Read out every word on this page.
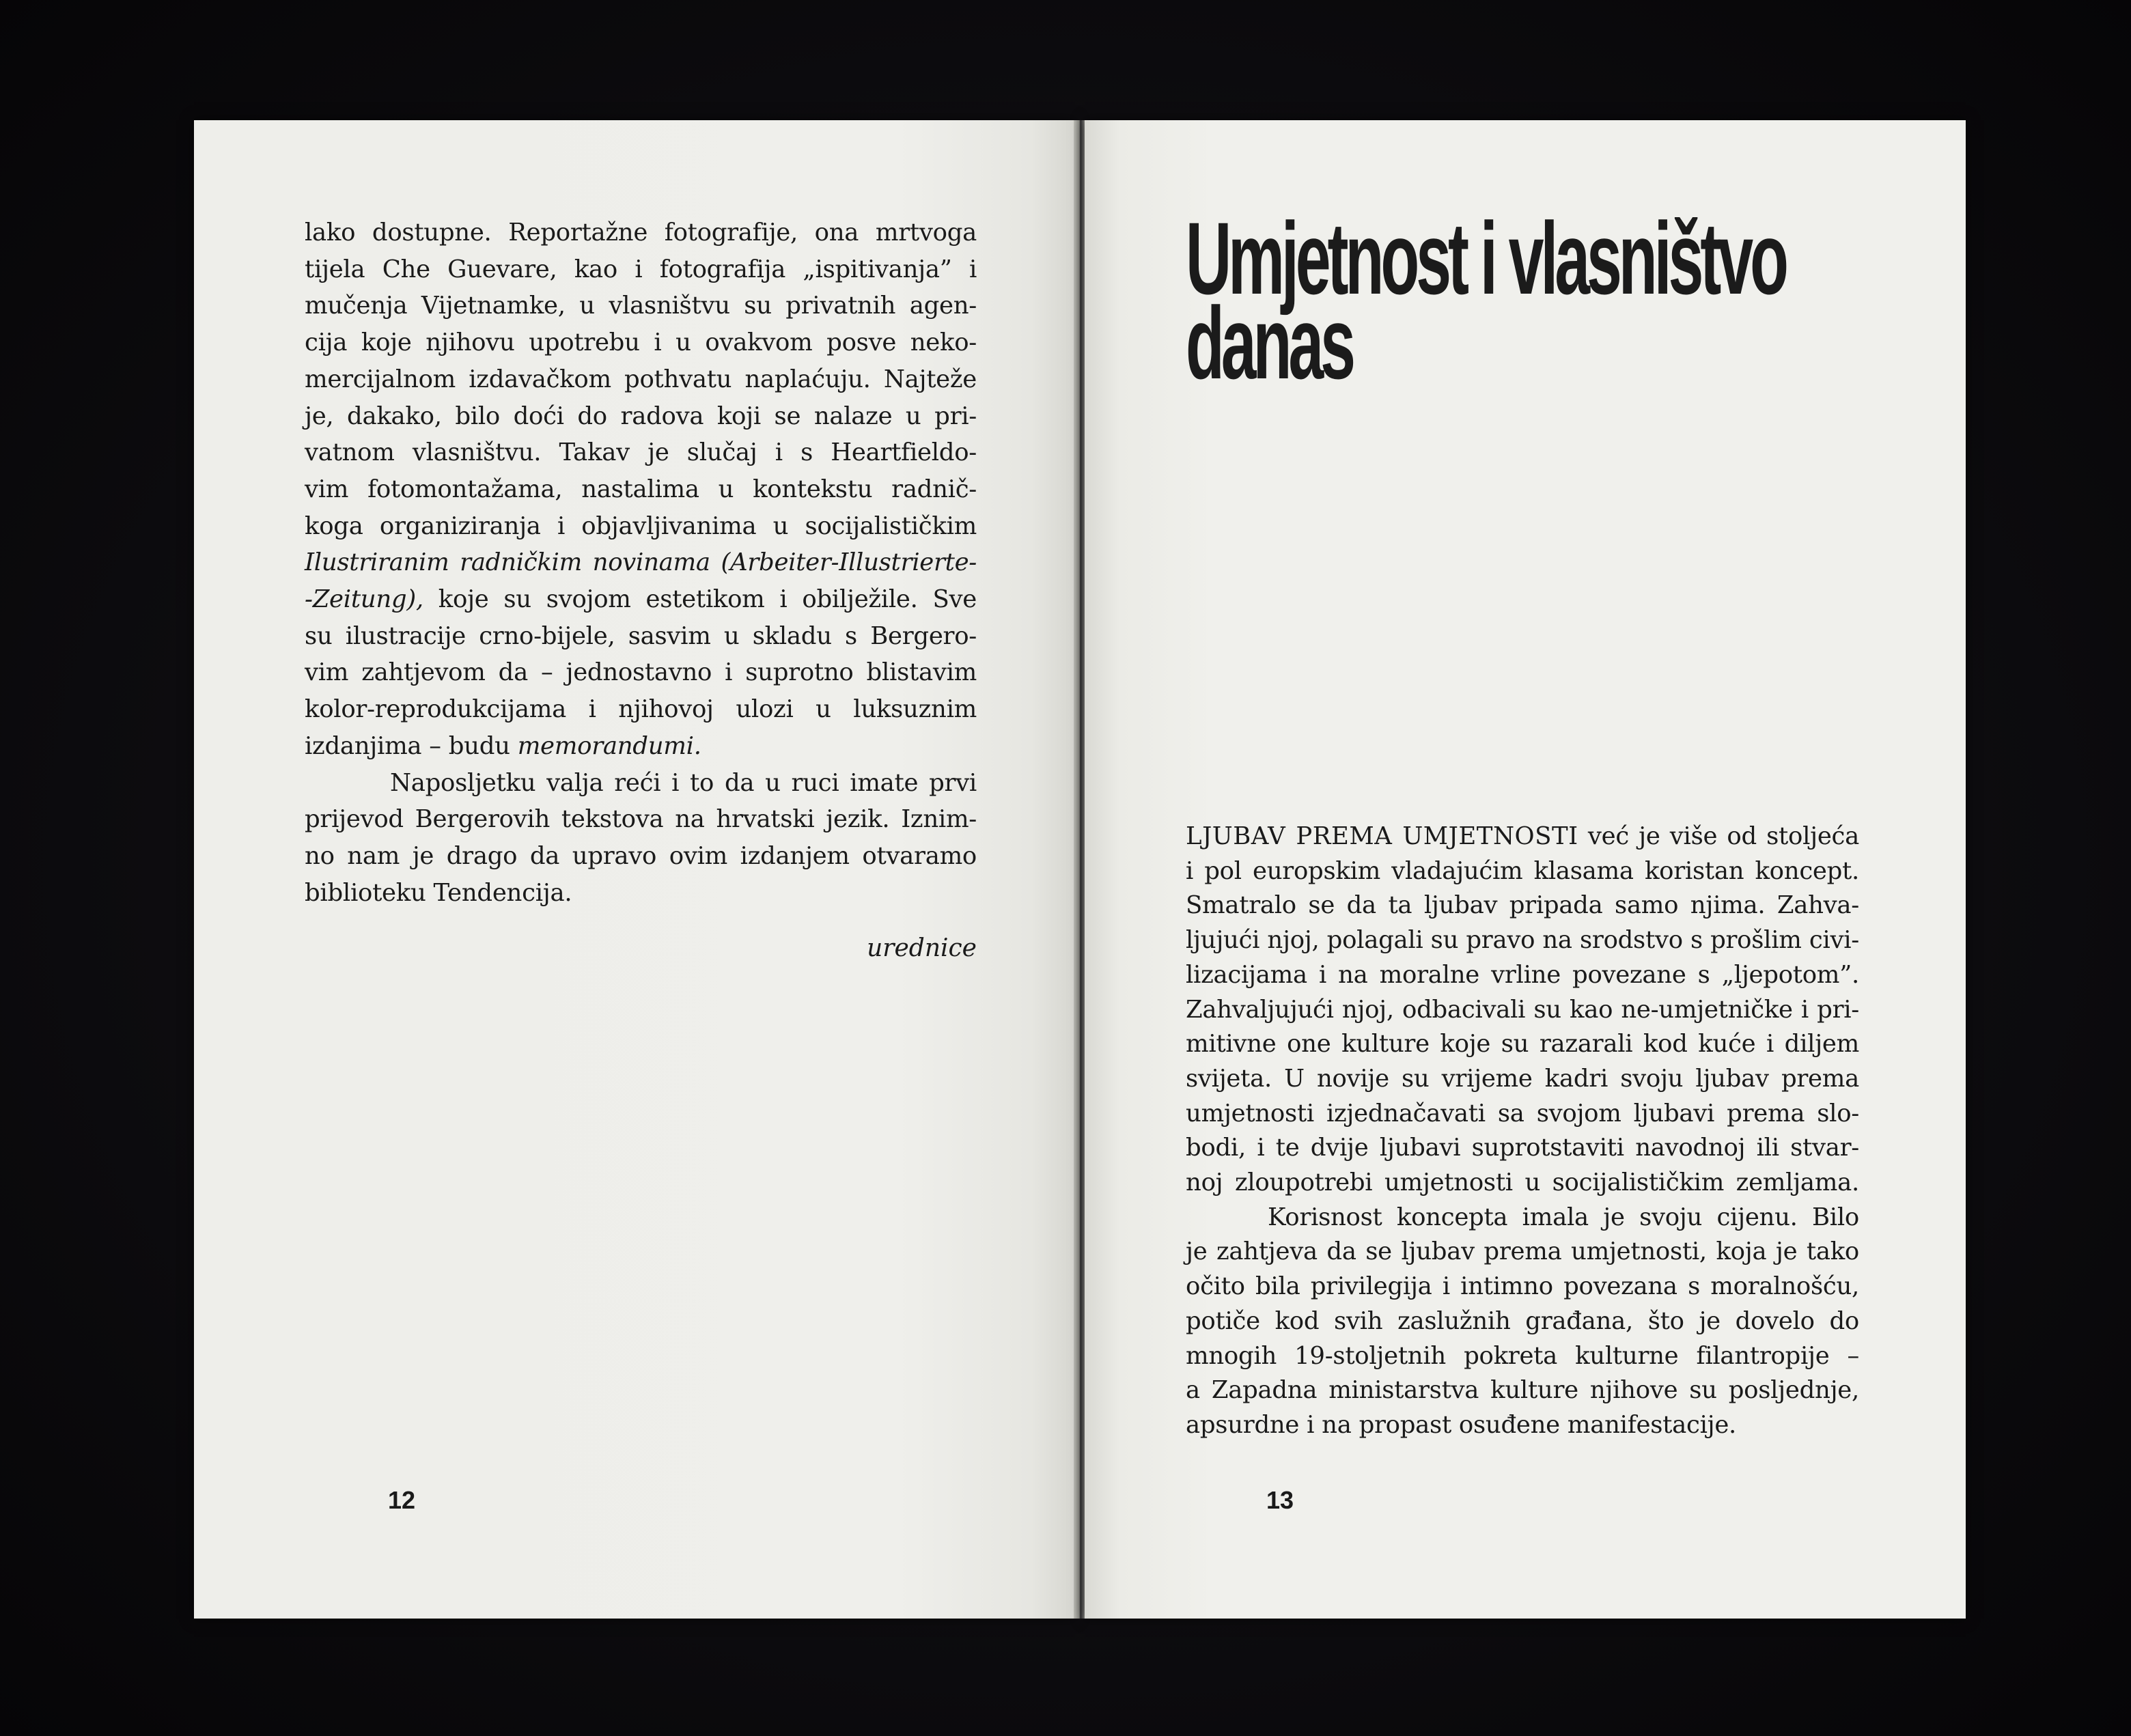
lako dostupne. Reportažne fotografije, ona mrtvoga
tijela Che Guevare, kao i fotografija „ispitivanja” i
mučenja Vijetnamke, u vlasništvu su privatnih agen-
cija koje njihovu upotrebu i u ovakvom posve neko-
mercijalnom izdavačkom pothvatu naplaćuju. Najteže
je, dakako, bilo doći do radova koji se nalaze u pri-
vatnom vlasništvu. Takav je slučaj i s Heartfieldo-
vim fotomontažama, nastalima u kontekstu radnič-
koga organiziranja i objavljivanima u socijalističkim
Ilustriranim radničkim novinama (Arbeiter-Illustrierte-
-Zeitung), koje su svojom estetikom i obilježile. Sve
su ilustracije crno-bijele, sasvim u skladu s Bergero-
vim zahtjevom da – jednostavno i suprotno blistavim
kolor-reprodukcijama i njihovoj ulozi u luksuznim
izdanjima – budu memorandumi.
Naposljetku valja reći i to da u ruci imate prvi
prijevod Bergerovih tekstova na hrvatski jezik. Iznim-
no nam je drago da upravo ovim izdanjem otvaramo
biblioteku Tendencija.
urednice
12
Umjetnost i vlasništvo
danas
LJUBAV PREMA UMJETNOSTI već je više od stoljeća
i pol europskim vladajućim klasama koristan koncept.
Smatralo se da ta ljubav pripada samo njima. Zahva-
ljujući njoj, polagali su pravo na srodstvo s prošlim civi-
lizacijama i na moralne vrline povezane s „ljepotom”.
Zahvaljujući njoj, odbacivali su kao ne-umjetničke i pri-
mitivne one kulture koje su razarali kod kuće i diljem
svijeta. U novije su vrijeme kadri svoju ljubav prema
umjetnosti izjednačavati sa svojom ljubavi prema slo-
bodi, i te dvije ljubavi suprotstaviti navodnoj ili stvar-
noj zloupotrebi umjetnosti u socijalističkim zemljama.
Korisnost koncepta imala je svoju cijenu. Bilo
je zahtjeva da se ljubav prema umjetnosti, koja je tako
očito bila privilegija i intimno povezana s moralnošću,
potiče kod svih zaslužnih građana, što je dovelo do
mnogih 19-stoljetnih pokreta kulturne filantropije –
a Zapadna ministarstva kulture njihove su posljednje,
apsurdne i na propast osuđene manifestacije.
13
